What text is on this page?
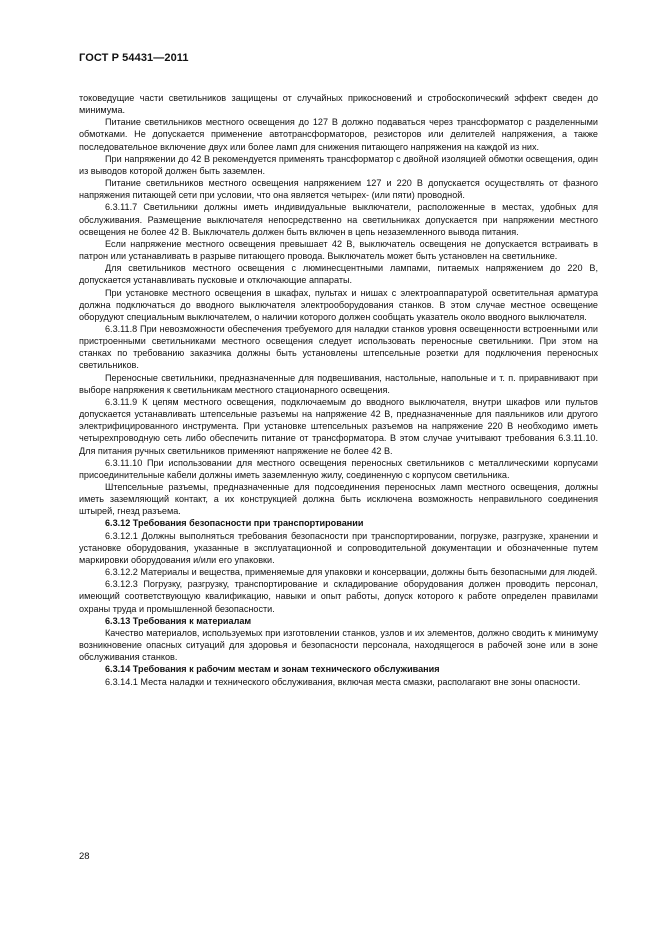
ГОСТ Р 54431—2011

токоведущие части светильников защищены от случайных прикосновений и стробоскопический эффект сведен до минимума.

Питание светильников местного освещения до 127 В должно подаваться через трансформатор с разделенными обмотками. Не допускается применение автотрансформаторов, резисторов или делителей напряжения, а также последовательное включение двух или более ламп для снижения питающего напряжения на каждой из них.

При напряжении до 42 В рекомендуется применять трансформатор с двойной изоляцией обмотки освещения, один из выводов которой должен быть заземлен.

Питание светильников местного освещения напряжением 127 и 220 В допускается осуществлять от фазного напряжения питающей сети при условии, что она является четырех- (или пяти) проводной.

6.3.11.7 Светильники должны иметь индивидуальные выключатели, расположенные в местах, удобных для обслуживания. Размещение выключателя непосредственно на светильниках допускается при напряжении местного освещения не более 42 В. Выключатель должен быть включен в цепь незаземленного вывода питания.

Если напряжение местного освещения превышает 42 В, выключатель освещения не допускается встраивать в патрон или устанавливать в разрыве питающего провода. Выключатель может быть установлен на светильнике.

Для светильников местного освещения с люминесцентными лампами, питаемых напряжением до 220 В, допускается устанавливать пусковые и отключающие аппараты.

При установке местного освещения в шкафах, пультах и нишах с электроаппаратурой осветительная арматура должна подключаться до вводного выключателя электрооборудования станков. В этом случае местное освещение оборудуют специальным выключателем, о наличии которого должен сообщать указатель около вводного выключателя.

6.3.11.8 При невозможности обеспечения требуемого для наладки станков уровня освещенности встроенными или пристроенными светильниками местного освещения следует использовать переносные светильники. При этом на станках по требованию заказчика должны быть установлены штепсельные розетки для подключения переносных светильников.

Переносные светильники, предназначенные для подвешивания, настольные, напольные и т. п. приравнивают при выборе напряжения к светильникам местного стационарного освещения.

6.3.11.9 К цепям местного освещения, подключаемым до вводного выключателя, внутри шкафов или пультов допускается устанавливать штепсельные разъемы на напряжение 42 В, предназначенные для паяльников или другого электрифицированного инструмента. При установке штепсельных разъемов на напряжение 220 В необходимо иметь четырехпроводную сеть либо обеспечить питание от трансформатора. В этом случае учитывают требования 6.3.11.10. Для питания ручных светильников применяют напряжение не более 42 В.

6.3.11.10 При использовании для местного освещения переносных светильников с металлическими корпусами присоединительные кабели должны иметь заземленную жилу, соединенную с корпусом светильника.

Штепсельные разъемы, предназначенные для подсоединения переносных ламп местного освещения, должны иметь заземляющий контакт, а их конструкцией должна быть исключена возможность неправильного соединения штырей, гнезд разъема.

6.3.12 Требования безопасности при транспортировании

6.3.12.1 Должны выполняться требования безопасности при транспортировании, погрузке, разгрузке, хранении и установке оборудования, указанные в эксплуатационной и сопроводительной документации и обозначенные путем маркировки оборудования и/или его упаковки.

6.3.12.2 Материалы и вещества, применяемые для упаковки и консервации, должны быть безопасными для людей.

6.3.12.3 Погрузку, разгрузку, транспортирование и складирование оборудования должен проводить персонал, имеющий соответствующую квалификацию, навыки и опыт работы, допуск которого к работе определен правилами охраны труда и промышленной безопасности.

6.3.13 Требования к материалам

Качество материалов, используемых при изготовлении станков, узлов и их элементов, должно сводить к минимуму возникновение опасных ситуаций для здоровья и безопасности персонала, находящегося в рабочей зоне или в зоне обслуживания станков.

6.3.14 Требования к рабочим местам и зонам технического обслуживания

6.3.14.1 Места наладки и технического обслуживания, включая места смазки, располагают вне зоны опасности.

28
